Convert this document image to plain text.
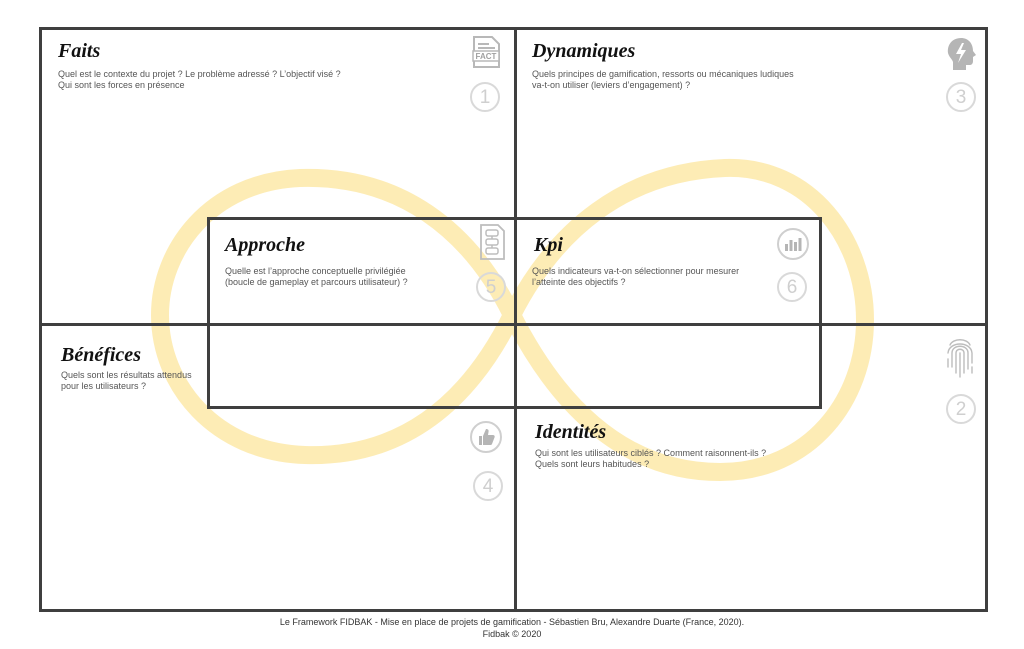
Faits
Quel est le contexte du projet ? Le problème adressé ? L’objectif visé ?
Qui sont les forces en présence
FACT
1
Dynamiques
Quels principes de gamification, ressorts ou mécaniques ludiques
va-t-on utiliser (leviers d’engagement) ?
3
Approche
Quelle est l’approche conceptuelle privilégiée
(boucle de gameplay et parcours utilisateur) ?	5
Kpi
Quels indicateurs va-t-on sélectionner pour mesurer
l’atteinte des objectifs ?	6
Bénéfices
Quels sont les résultats attendus
pour les utilisateurs ?
4
Identités
Qui sont les utilisateurs ciblés ? Comment raisonnent-ils ?
Quels sont leurs habitudes ?
2
Le Framework FIDBAK - Mise en place de projets de gamification - Sébastien Bru, Alexandre Duarte (France, 2020).
Fidbak © 2020
